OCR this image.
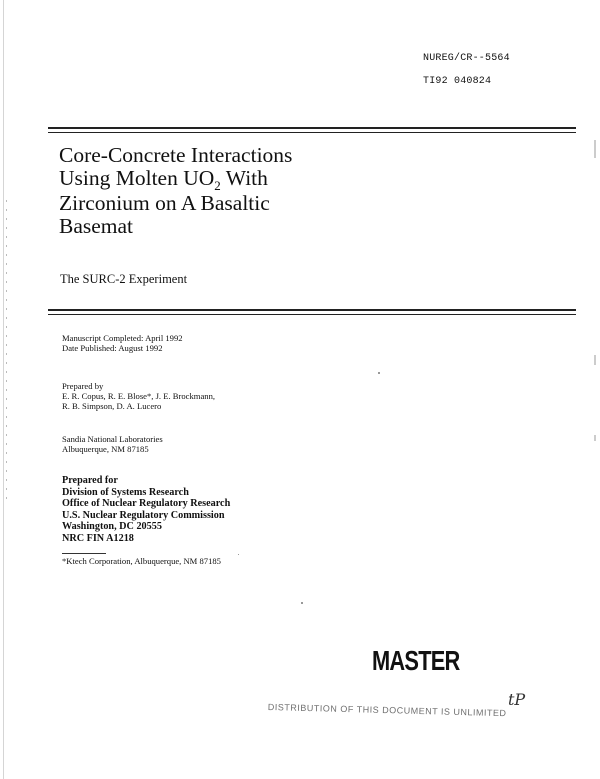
NUREG/CR--5564
TI92 040824
Core-Concrete Interactions
Using Molten $UO_2$ With
Zirconium on A Basaltic
Basemat
The SURC-2 Experiment
Manuscript Completed: April 1992
Date Published: August 1992
Prepared by
E. R. Copus, R. E. Blose*, J. E. Brockmann,
R. B. Simpson, D. A. Lucero
Sandia National Laboratories
Albuquerque, NM 87185
Prepared for
Division of Systems Research
Office of Nuclear Regulatory Research
U.S. Nuclear Regulatory Commission
Washington, DC 20555
NRC FIN A1218
*Ktech Corporation, Albuquerque, NM 87185
MASTER
DISTRIBUTION OF THIS DOCUMENT IS UNLIMITED
tP
